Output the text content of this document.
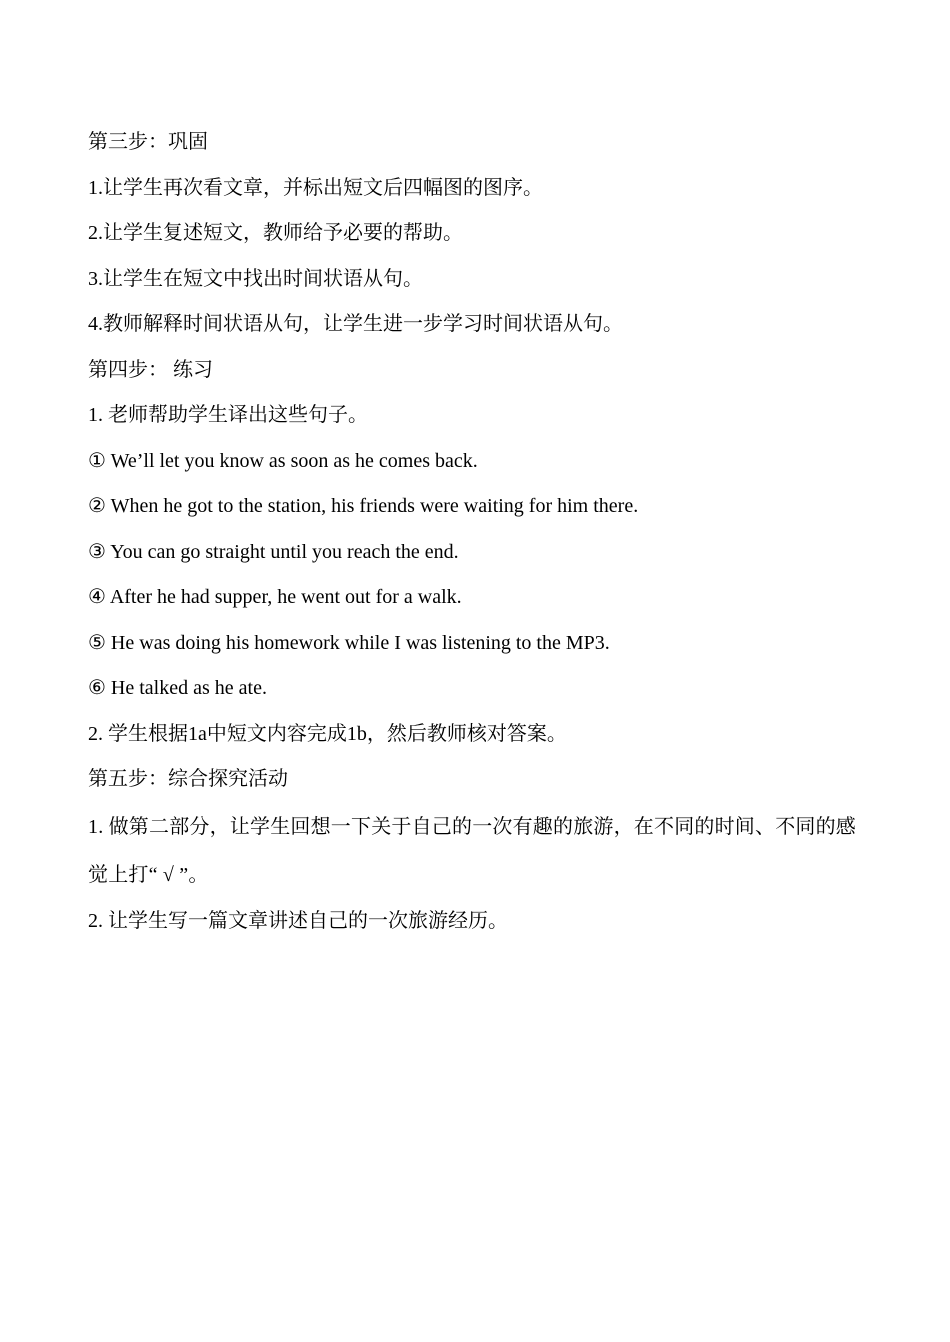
第三步：巩固
1.让学生再次看文章，并标出短文后四幅图的图序。
2.让学生复述短文，教师给予必要的帮助。
3.让学生在短文中找出时间状语从句。
4.教师解释时间状语从句，让学生进一步学习时间状语从句。
第四步： 练习
1. 老师帮助学生译出这些句子。
① We’ll let you know as soon as he comes back.
② When he got to the station, his friends were waiting for him there.
③ You can go straight until you reach the end.
④ After he had supper, he went out for a walk.
⑤ He was doing his homework while I was listening to the MP3.
⑥ He talked as he ate.
2. 学生根据1a中短文内容完成1b，然后教师核对答案。
第五步：综合探究活动
1. 做第二部分，让学生回想一下关于自己的一次有趣的旅游，在不同的时间、不同的感觉上打“ √ ”。
2. 让学生写一篇文章讲述自己的一次旅游经历。
